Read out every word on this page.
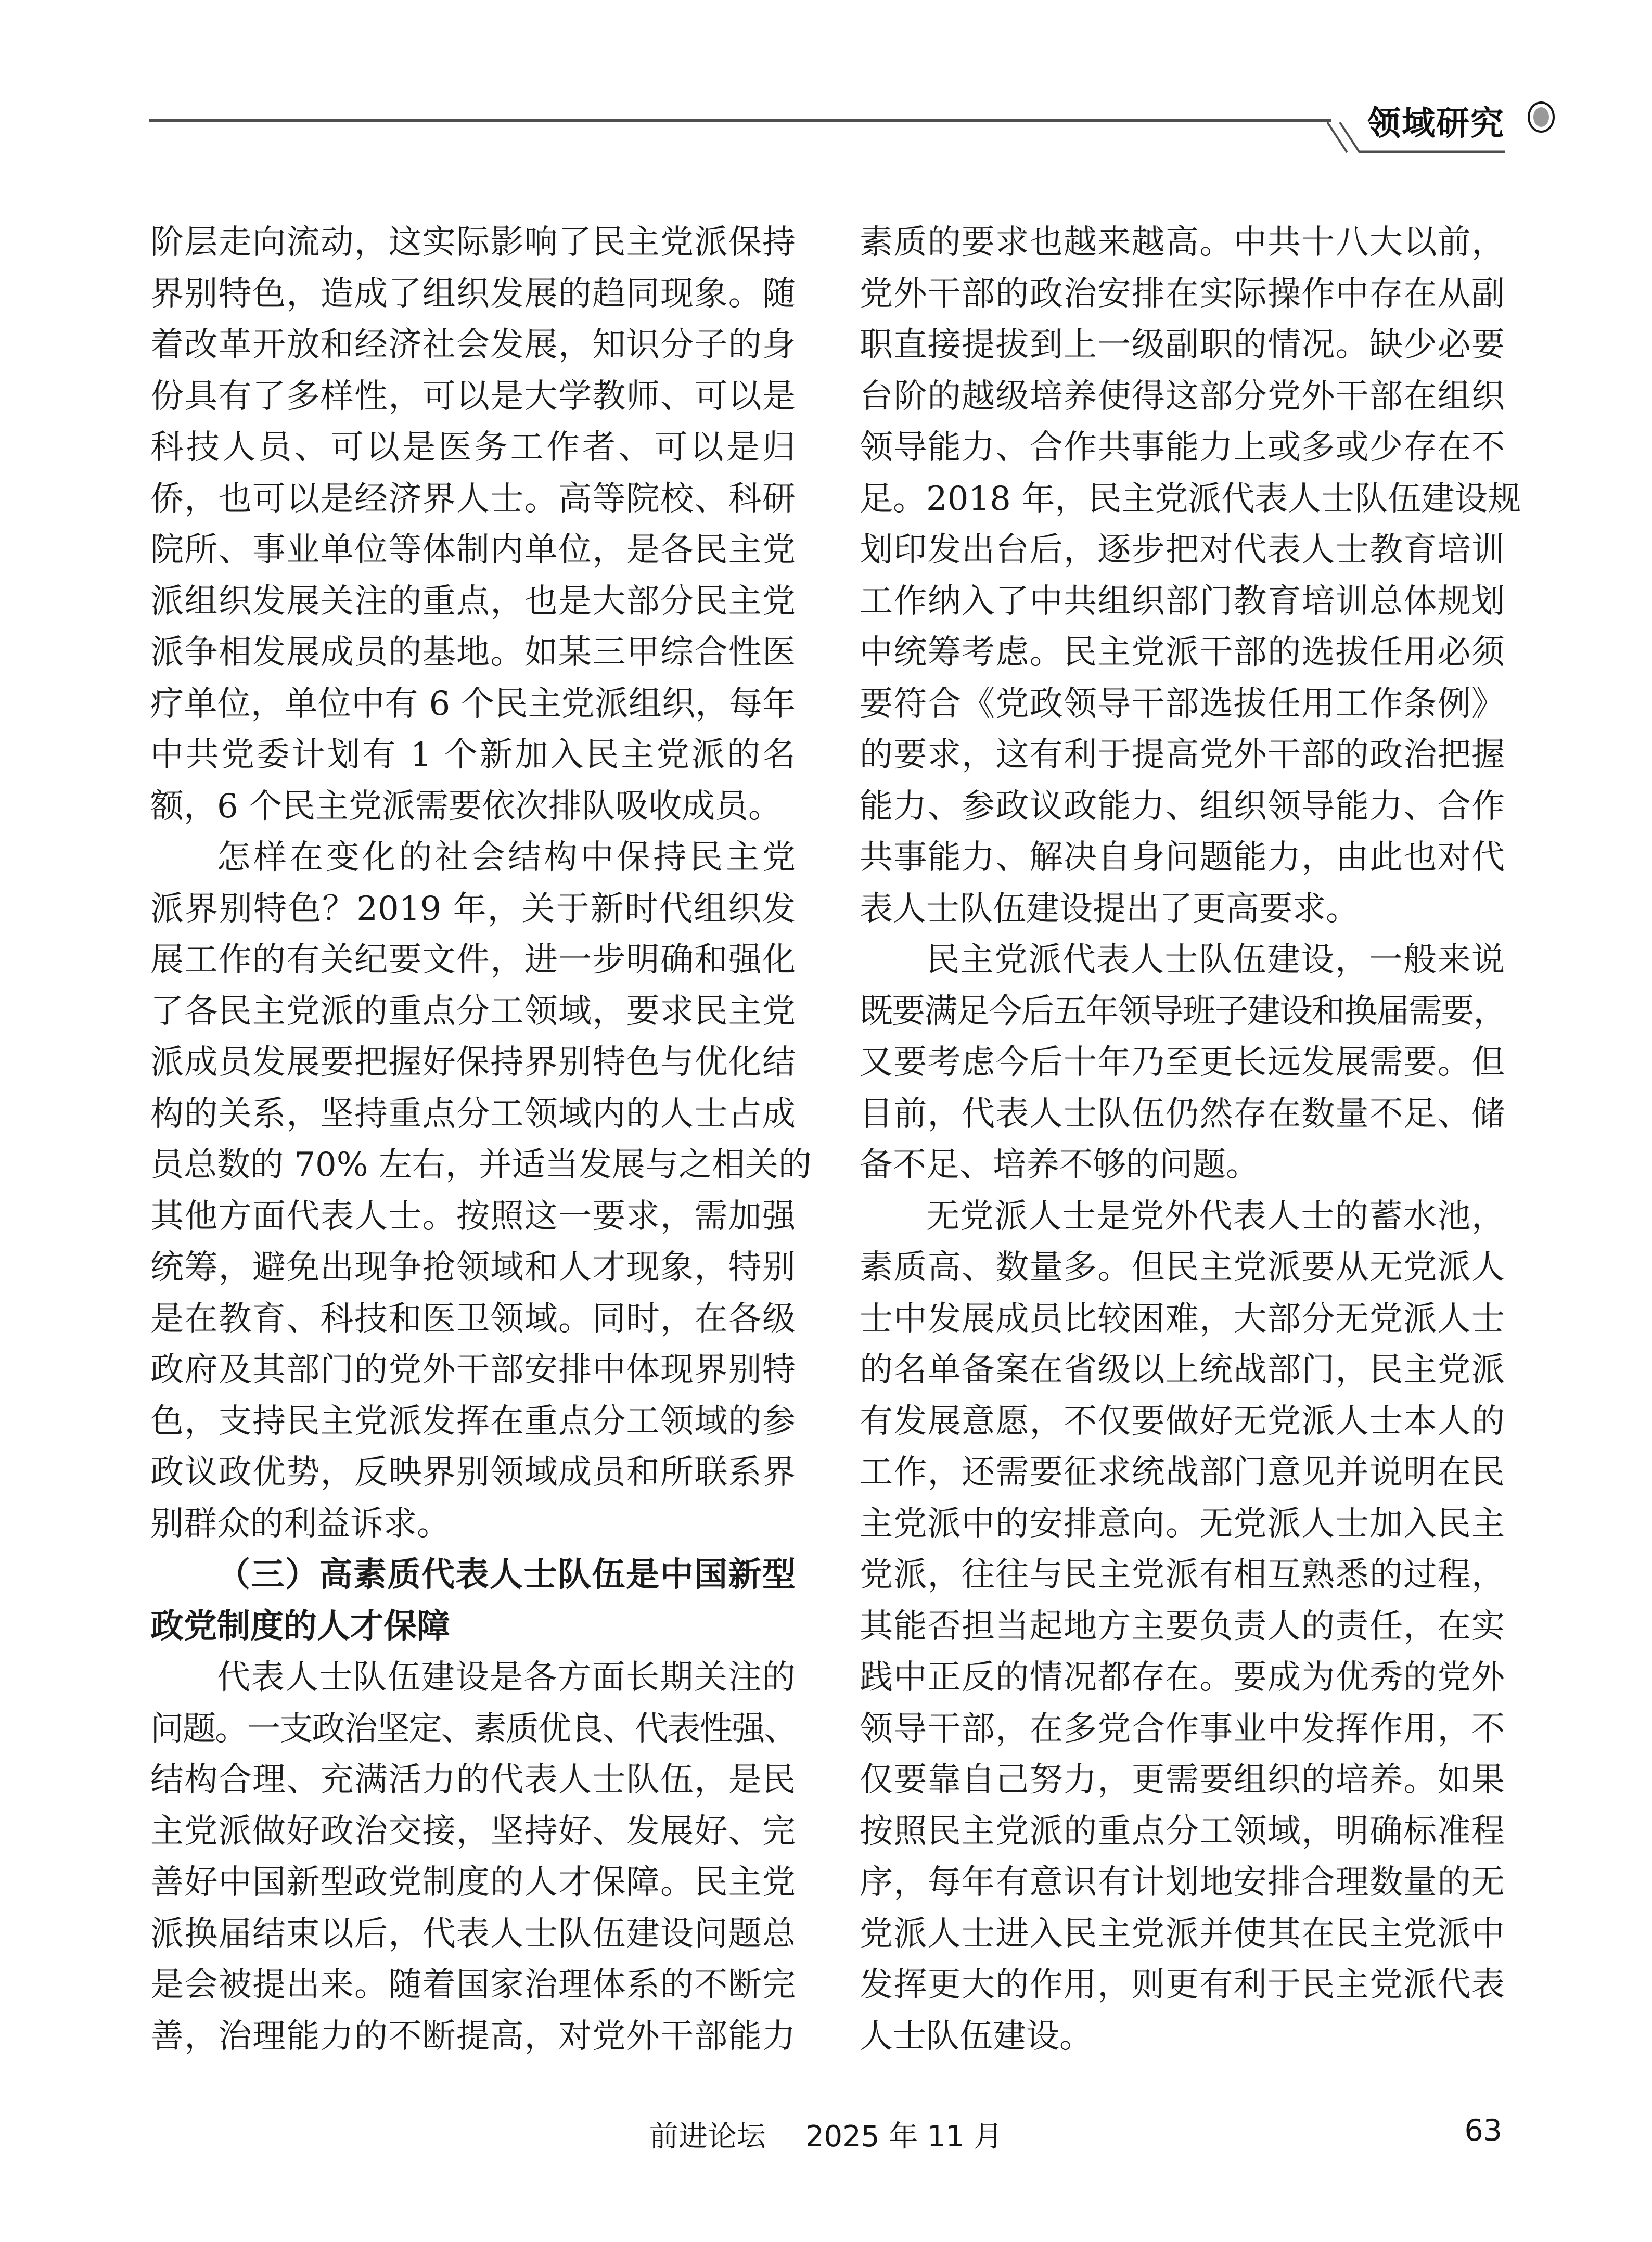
领域研究
阶层走向流动，这实际影响了民主党派保持
界别特色，造成了组织发展的趋同现象。随
着改革开放和经济社会发展，知识分子的身
份具有了多样性，可以是大学教师、可以是
科技人员、可以是医务工作者、可以是归
侨，也可以是经济界人士。高等院校、科研
院所、事业单位等体制内单位，是各民主党
派组织发展关注的重点，也是大部分民主党
派争相发展成员的基地。如某三甲综合性医
疗单位，单位中有 6 个民主党派组织，每年
中共党委计划有 1 个新加入民主党派的名
额，6 个民主党派需要依次排队吸收成员。
怎样在变化的社会结构中保持民主党
派界别特色？2019 年，关于新时代组织发
展工作的有关纪要文件，进一步明确和强化
了各民主党派的重点分工领域，要求民主党
派成员发展要把握好保持界别特色与优化结
构的关系，坚持重点分工领域内的人士占成
员总数的 70% 左右，并适当发展与之相关的
其他方面代表人士。按照这一要求，需加强
统筹，避免出现争抢领域和人才现象，特别
是在教育、科技和医卫领域。同时，在各级
政府及其部门的党外干部安排中体现界别特
色，支持民主党派发挥在重点分工领域的参
政议政优势，反映界别领域成员和所联系界
别群众的利益诉求。
（三）高素质代表人士队伍是中国新型
政党制度的人才保障
代表人士队伍建设是各方面长期关注的
问题。一支政治坚定、素质优良、代表性强、
结构合理、充满活力的代表人士队伍，是民
主党派做好政治交接，坚持好、发展好、完
善好中国新型政党制度的人才保障。民主党
派换届结束以后，代表人士队伍建设问题总
是会被提出来。随着国家治理体系的不断完
善，治理能力的不断提高，对党外干部能力
素质的要求也越来越高。中共十八大以前，
党外干部的政治安排在实际操作中存在从副
职直接提拔到上一级副职的情况。缺少必要
台阶的越级培养使得这部分党外干部在组织
领导能力、合作共事能力上或多或少存在不
足。2018 年，民主党派代表人士队伍建设规
划印发出台后，逐步把对代表人士教育培训
工作纳入了中共组织部门教育培训总体规划
中统筹考虑。民主党派干部的选拔任用必须
要符合《党政领导干部选拔任用工作条例》
的要求，这有利于提高党外干部的政治把握
能力、参政议政能力、组织领导能力、合作
共事能力、解决自身问题能力，由此也对代
表人士队伍建设提出了更高要求。
民主党派代表人士队伍建设，一般来说
既要满足今后五年领导班子建设和换届需要，
又要考虑今后十年乃至更长远发展需要。但
目前，代表人士队伍仍然存在数量不足、储
备不足、培养不够的问题。
无党派人士是党外代表人士的蓄水池，
素质高、数量多。但民主党派要从无党派人
士中发展成员比较困难，大部分无党派人士
的名单备案在省级以上统战部门，民主党派
有发展意愿，不仅要做好无党派人士本人的
工作，还需要征求统战部门意见并说明在民
主党派中的安排意向。无党派人士加入民主
党派，往往与民主党派有相互熟悉的过程，
其能否担当起地方主要负责人的责任，在实
践中正反的情况都存在。要成为优秀的党外
领导干部，在多党合作事业中发挥作用，不
仅要靠自己努力，更需要组织的培养。如果
按照民主党派的重点分工领域，明确标准程
序，每年有意识有计划地安排合理数量的无
党派人士进入民主党派并使其在民主党派中
发挥更大的作用，则更有利于民主党派代表
人士队伍建设。
前进论坛 2025 年 11 月	63
